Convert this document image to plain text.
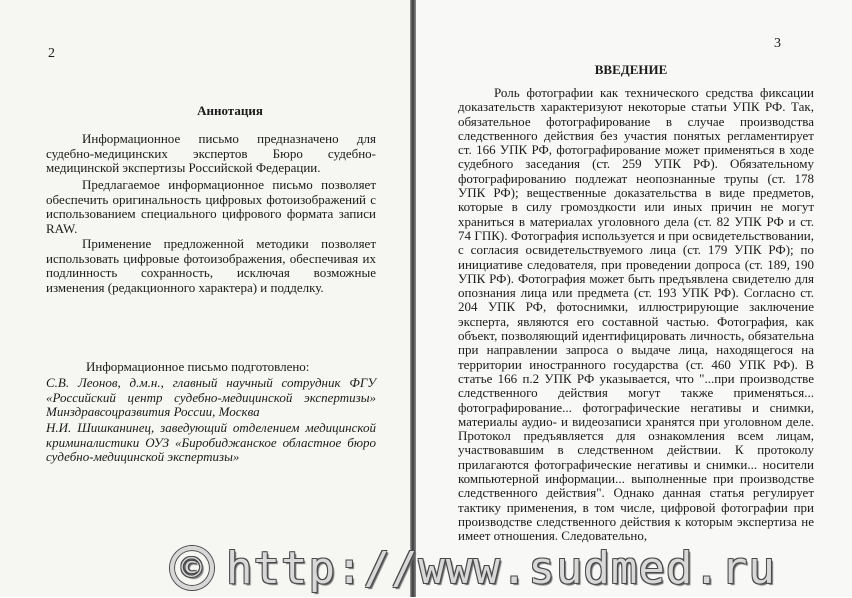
2
Аннотация

Информационное письмо предназначено для судебно-медицинских экспертов Бюро судебно-медицинской экспертизы Российской Федерации.

Предлагаемое информационное письмо позволяет обеспечить оригинальность цифровых фотоизображений с использованием специального цифрового формата записи RAW.

Применение предложенной методики позволяет использовать цифровые фотоизображения, обеспечивая их подлинность сохранность, исключая возможные изменения (редакционного характера) и подделку.

Информационное письмо подготовлено:

С.В. Леонов, д.м.н., главный научный сотрудник ФГУ «Российский центр судебно-медицинской экспертизы» Минздравсоцразвития России, Москва

Н.И. Шишканинец, заведующий отделением медицинской криминалистики ОУЗ «Биробиджанское областное бюро судебно-медицинской экспертизы»

3
ВВЕДЕНИЕ

Роль фотографии как технического средства фиксации доказательств характеризуют некоторые статьи УПК РФ. Так, обязательное фотографирование в случае производства следственного действия без участия понятых регламентирует ст. 166 УПК РФ, фотографирование может применяться в ходе судебного заседания (ст. 259 УПК РФ). Обязательному фотографированию подлежат неопознанные трупы (ст. 178 УПК РФ); вещественные доказательства в виде предметов, которые в силу громоздкости или иных причин не могут храниться в материалах уголовного дела (ст. 82 УПК РФ и ст. 74 ГПК). Фотография используется и при освидетельствовании, с согласия освидетельствуемого лица (ст. 179 УПК РФ); по инициативе следователя, при проведении допроса (ст. 189, 190 УПК РФ). Фотография может быть предъявлена свидетелю для опознания лица или предмета (ст. 193 УПК РФ). Согласно ст. 204 УПК РФ, фотоснимки, иллюстрирующие заключение эксперта, являются его составной частью. Фотография, как объект, позволяющий идентифицировать личность, обязательна при направлении запроса о выдаче лица, находящегося на территории иностранного государства (ст. 460 УПК РФ). В статье 166 п.2 УПК РФ указывается, что "...при производстве следственного действия могут также применяться... фотографирование... фотографические негативы и снимки, материалы аудио- и видеозаписи хранятся при уголовном деле. Протокол предъявляется для ознакомления всем лицам, участвовавшим в следственном действии. К протоколу прилагаются фотографические негативы и снимки... носители компьютерной информации... выполненные при производстве следственного действия". Однако данная статья регулирует тактику применения, в том числе, цифровой фотографии при производстве следственного действия к которым экспертиза не имеет отношения. Следовательно,

© http://www.sudmed.ru
